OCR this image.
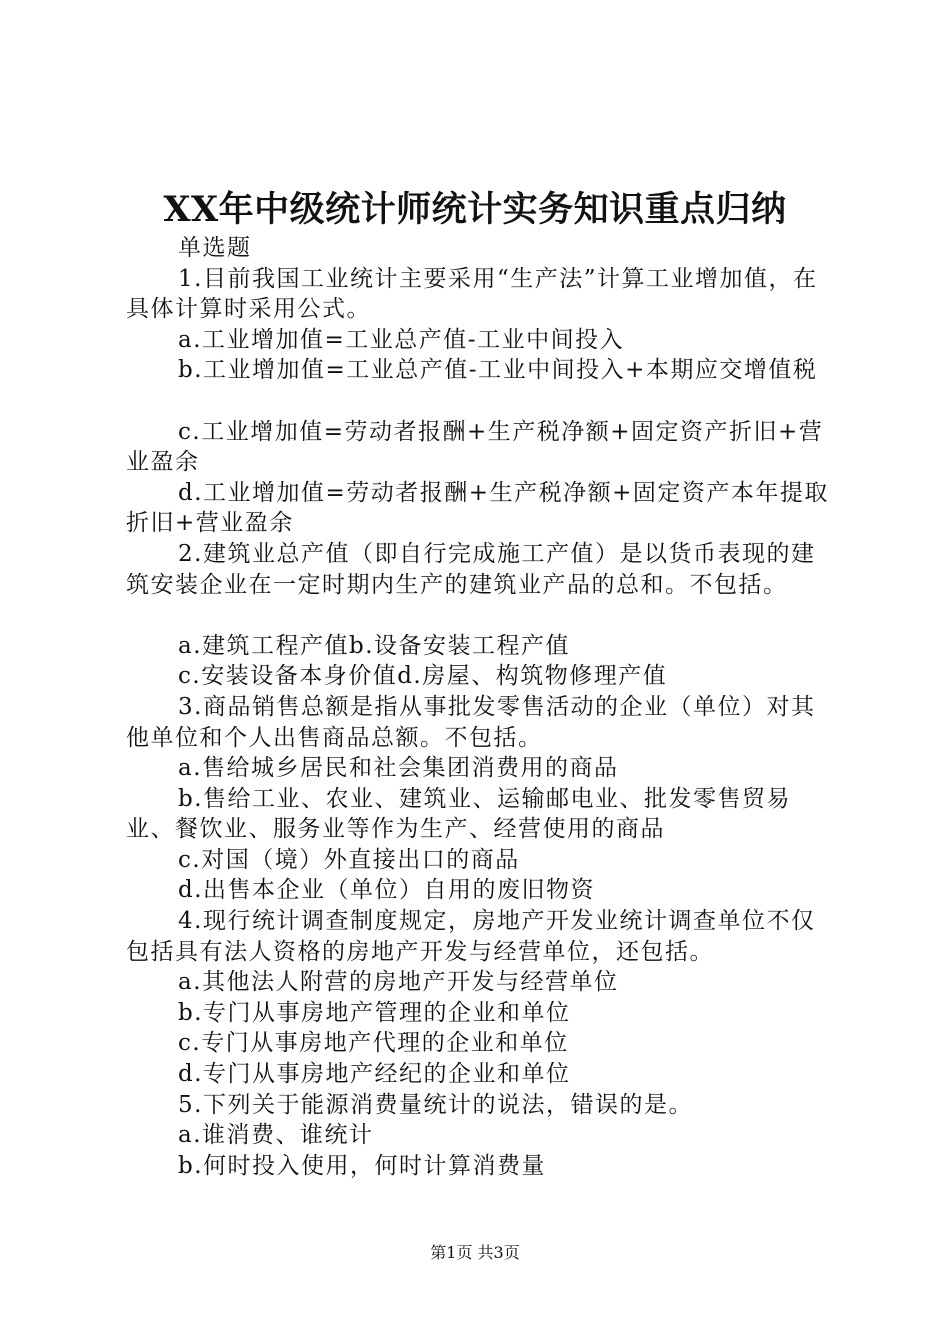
XX年中级统计师统计实务知识重点归纳

单选题

1.目前我国工业统计主要采用“生产法”计算工业增加值，在具体计算时采用公式。

a.工业增加值=工业总产值-工业中间投入

b.工业增加值=工业总产值-工业中间投入+本期应交增值税

c.工业增加值=劳动者报酬+生产税净额+固定资产折旧+营业盈余

d.工业增加值=劳动者报酬+生产税净额+固定资产本年提取折旧+营业盈余

2.建筑业总产值（即自行完成施工产值）是以货币表现的建筑安装企业在一定时期内生产的建筑业产品的总和。不包括。

a.建筑工程产值b.设备安装工程产值

c.安装设备本身价值d.房屋、构筑物修理产值

3.商品销售总额是指从事批发零售活动的企业（单位）对其他单位和个人出售商品总额。不包括。

a.售给城乡居民和社会集团消费用的商品

b.售给工业、农业、建筑业、运输邮电业、批发零售贸易业、餐饮业、服务业等作为生产、经营使用的商品

c.对国（境）外直接出口的商品

d.出售本企业（单位）自用的废旧物资

4.现行统计调查制度规定，房地产开发业统计调查单位不仅包括具有法人资格的房地产开发与经营单位，还包括。

a.其他法人附营的房地产开发与经营单位

b.专门从事房地产管理的企业和单位

c.专门从事房地产代理的企业和单位

d.专门从事房地产经纪的企业和单位

5.下列关于能源消费量统计的说法，错误的是。

a.谁消费、谁统计

b.何时投入使用，何时计算消费量

第1页 共3页
